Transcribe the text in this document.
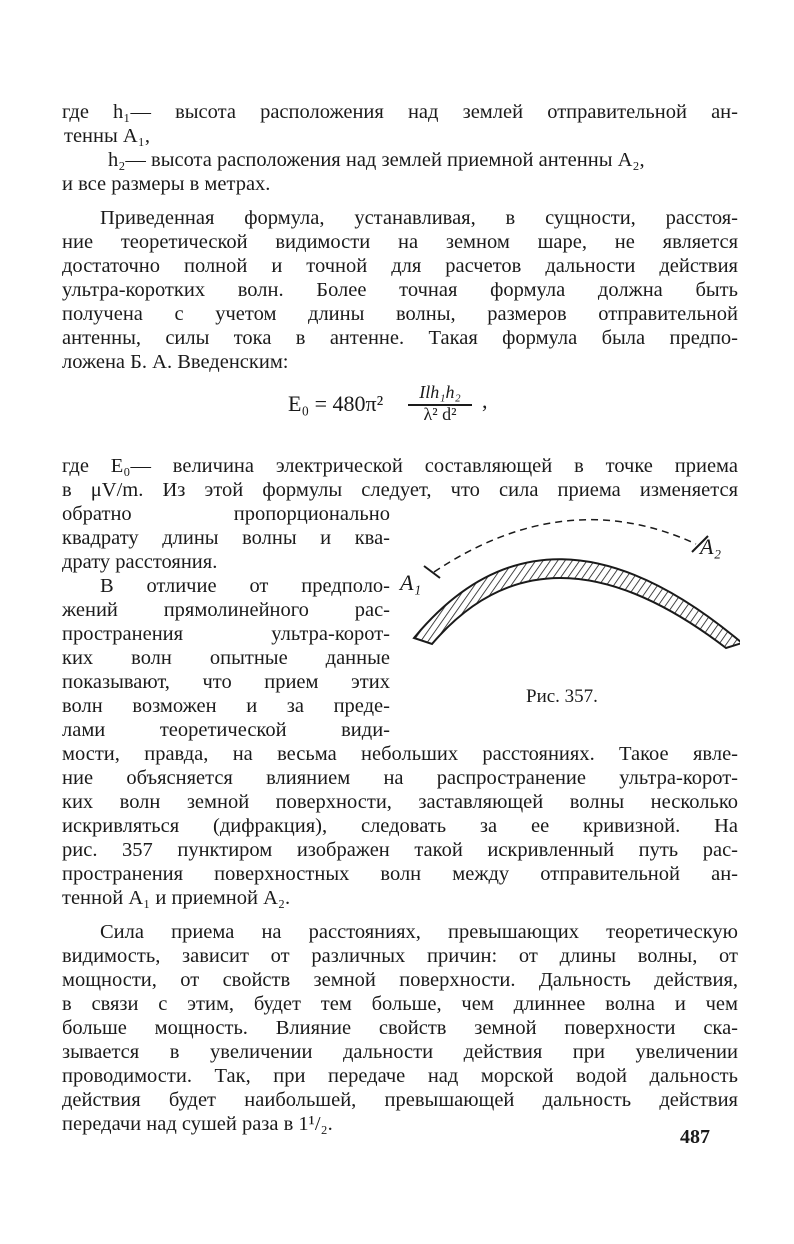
где h₁— высота расположения над землей отправительной ан-
тенны A₁,
h₂— высота расположения над землей приемной антенны A₂,
и все размеры в метрах.
Приведенная формула, устанавливая, в сущности, расстоя-
ние теоретической видимости на земном шаре, не является
достаточно полной и точной для расчетов дальности действия
ультра-коротких волн. Более точная формула должна быть
получена с учетом длины волны, размеров отправительной
антенны, силы тока в антенне. Такая формула была предпо-
ложена Б. А. Введенским:
E₀ = 480π²	Ilh₁h₂
λ² d²
,
где E₀— величина электрической составляющей в точке приема
в μV/m. Из этой формулы следует, что сила приема изменяется
обратно пропорционально
квадрату длины волны и ква-
драту расстояния.
В отличие от предполо-
жений прямолинейного рас-
пространения ультра-корот-
ких волн опытные данные
показывают, что прием этих
волн возможен и за преде-
лами теоретической види-
A₁
A₂
Рис. 357.
мости, правда, на весьма небольших расстояниях. Такое явле-
ние объясняется влиянием на распространение ультра-корот-
ких волн земной поверхности, заставляющей волны несколько
искривляться (дифракция), следовать за ее кривизной. На
рис. 357 пунктиром изображен такой искривленный путь рас-
пространения поверхностных волн между отправительной ан-
тенной A₁ и приемной A₂.
Сила приема на расстояниях, превышающих теоретическую
видимость, зависит от различных причин: от длины волны, от
мощности, от свойств земной поверхности. Дальность действия,
в связи с этим, будет тем больше, чем длиннее волна и чем
больше мощность. Влияние свойств земной поверхности ска-
зывается в увеличении дальности действия при увеличении
проводимости. Так, при передаче над морской водой дальность
действия будет наибольшей, превышающей дальность действия
передачи над сушей раза в 1¹/₂.
487
